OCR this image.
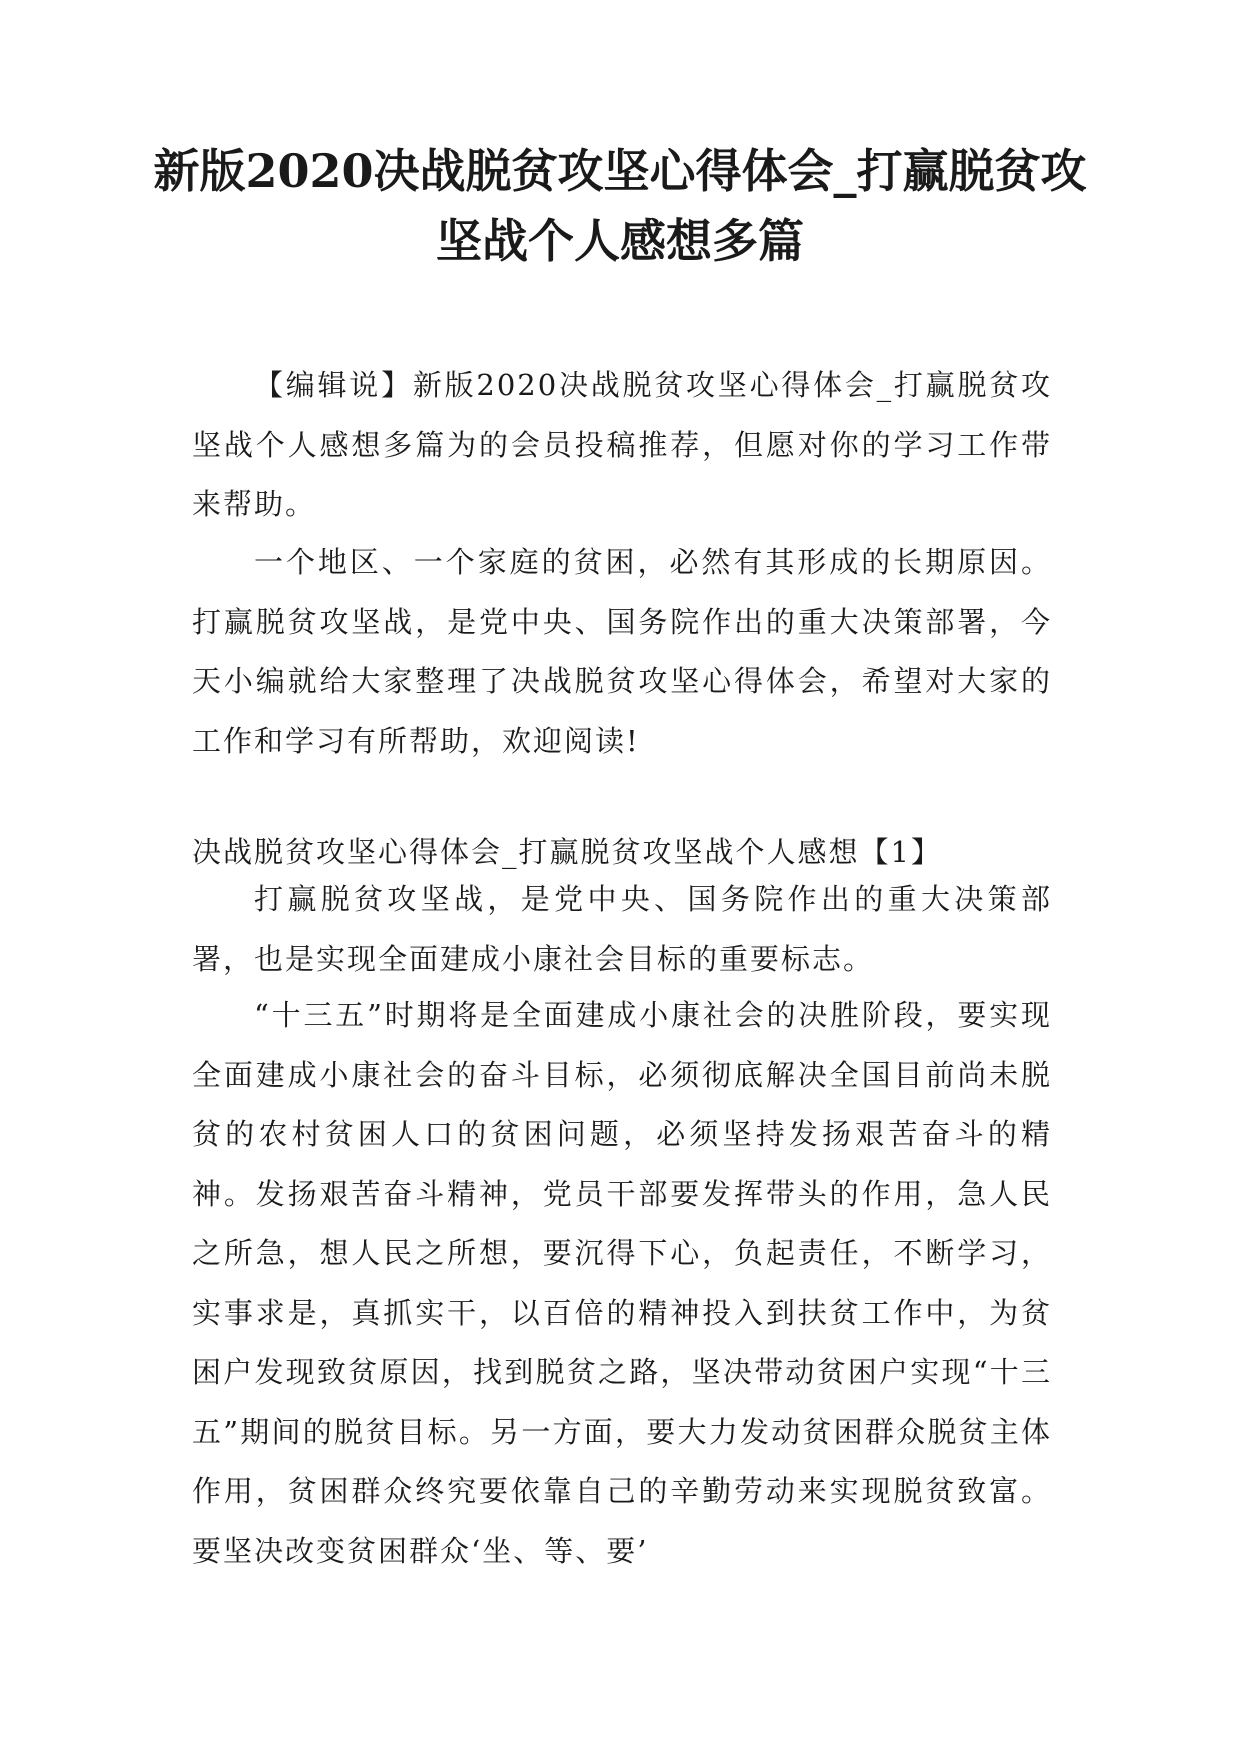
新版2020决战脱贫攻坚心得体会_打赢脱贫攻坚战个人感想多篇

【编辑说】新版2020决战脱贫攻坚心得体会_打赢脱贫攻坚战个人感想多篇为的会员投稿推荐，但愿对你的学习工作带来帮助。

一个地区、一个家庭的贫困，必然有其形成的长期原因。打赢脱贫攻坚战，是党中央、国务院作出的重大决策部署，今天小编就给大家整理了决战脱贫攻坚心得体会，希望对大家的工作和学习有所帮助，欢迎阅读!

决战脱贫攻坚心得体会_打赢脱贫攻坚战个人感想【1】

打赢脱贫攻坚战，是党中央、国务院作出的重大决策部署，也是实现全面建成小康社会目标的重要标志。

“十三五”时期将是全面建成小康社会的决胜阶段，要实现全面建成小康社会的奋斗目标，必须彻底解决全国目前尚未脱贫的农村贫困人口的贫困问题，必须坚持发扬艰苦奋斗的精神。发扬艰苦奋斗精神，党员干部要发挥带头的作用，急人民之所急，想人民之所想，要沉得下心，负起责任，不断学习，实事求是，真抓实干，以百倍的精神投入到扶贫工作中，为贫困户发现致贫原因，找到脱贫之路，坚决带动贫困户实现“十三五”期间的脱贫目标。另一方面，要大力发动贫困群众脱贫主体作用，贫困群众终究要依靠自己的辛勤劳动来实现脱贫致富。要坚决改变贫困群众‘坐、等、要’
